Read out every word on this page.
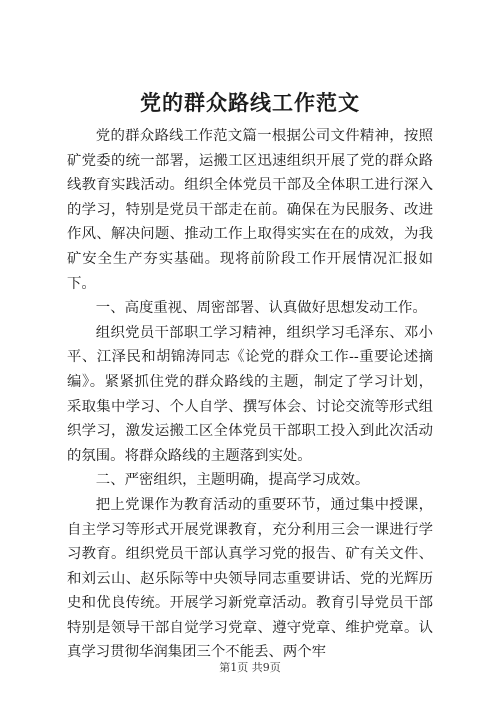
党的群众路线工作范文

党的群众路线工作范文篇一根据公司文件精神，按照矿党委的统一部署，运搬工区迅速组织开展了党的群众路线教育实践活动。组织全体党员干部及全体职工进行深入的学习，特别是党员干部走在前。确保在为民服务、改进作风、解决问题、推动工作上取得实实在在的成效，为我矿安全生产夯实基础。现将前阶段工作开展情况汇报如下。

一、高度重视、周密部署、认真做好思想发动工作。

组织党员干部职工学习精神，组织学习毛泽东、邓小平、江泽民和胡锦涛同志《论党的群众工作--重要论述摘编》。紧紧抓住党的群众路线的主题，制定了学习计划，采取集中学习、个人自学、撰写体会、讨论交流等形式组织学习，激发运搬工区全体党员干部职工投入到此次活动的氛围。将群众路线的主题落到实处。

二、严密组织，主题明确，提高学习成效。

把上党课作为教育活动的重要环节，通过集中授课，自主学习等形式开展党课教育，充分利用三会一课进行学习教育。组织党员干部认真学习党的报告、矿有关文件、和刘云山、赵乐际等中央领导同志重要讲话、党的光辉历史和优良传统。开展学习新党章活动。教育引导党员干部特别是领导干部自觉学习党章、遵守党章、维护党章。认真学习贯彻华润集团三个不能丢、两个牢

第1页 共9页
